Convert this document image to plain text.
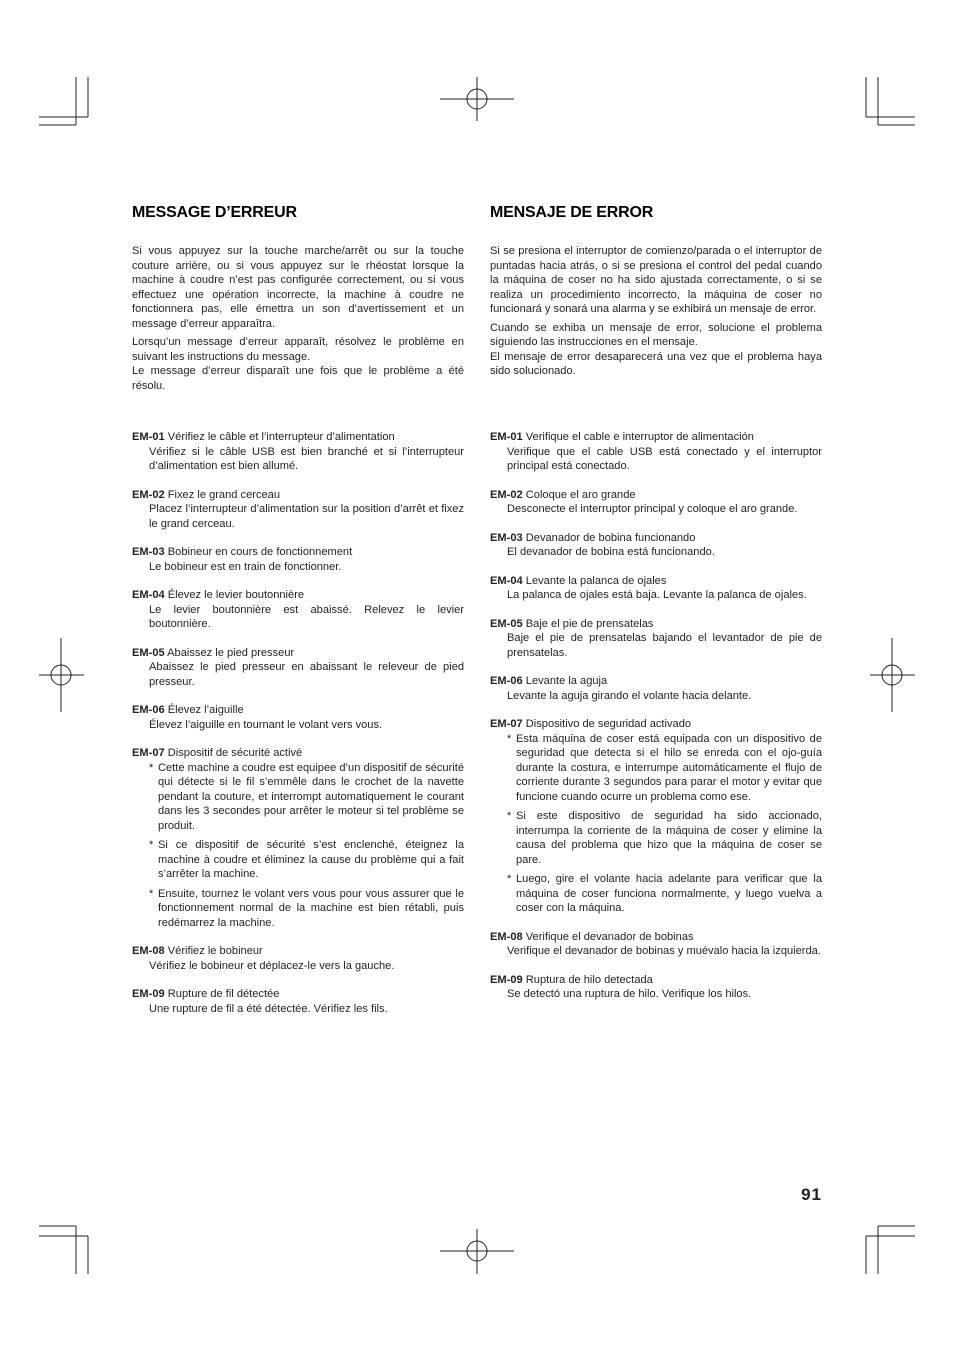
MESSAGE D’ERREUR

Si vous appuyez sur la touche marche/arrêt ou sur la touche couture arrière, ou si vous appuyez sur le rhéostat lorsque la machine à coudre n’est pas configurée correctement, ou si vous effectuez une opération incorrecte, la machine à coudre ne fonctionnera pas, elle émettra un son d’avertissement et un message d’erreur apparaîtra.

Lorsqu’un message d’erreur apparaît, résolvez le problème en suivant les instructions du message.
Le message d’erreur disparaît une fois que le problème a été résolu.

EM-01 Vérifiez le câble et l’interrupteur d’alimentation

Vérifiez si le câble USB est bien branché et si l’interrupteur d’alimentation est bien allumé.

EM-02 Fixez le grand cerceau

Placez l’interrupteur d’alimentation sur la position d’arrêt et fixez le grand cerceau.

EM-03 Bobineur en cours de fonctionnement

Le bobineur est en train de fonctionner.

EM-04 Élevez le levier boutonnière

Le levier boutonnière est abaissé. Relevez le levier boutonnière.

EM-05 Abaissez le pied presseur

Abaissez le pied presseur en abaissant le releveur de pied presseur.

EM-06 Élevez l’aiguille

Élevez l’aiguille en tournant le volant vers vous.

EM-07 Dispositif de sécurité activé

* Cette machine a coudre est equipee d’un dispositif de sécurité qui détecte si le fil s’emmêle dans le crochet de la navette pendant la couture, et interrompt automatiquement le courant dans les 3 secondes pour arrêter le moteur si tel problème se produit.
* Si ce dispositif de sécurité s’est enclenché, éteignez la machine à coudre et éliminez la cause du problème qui a fait s’arrêter la machine.
* Ensuite, tournez le volant vers vous pour vous assurer que le fonctionnement normal de la machine est bien rétabli, puis redémarrez la machine.

EM-08 Vérifiez le bobineur

Vérifiez le bobineur et déplacez-le vers la gauche.

EM-09 Rupture de fil détectée

Une rupture de fil a été détectée. Vérifiez les fils.

MENSAJE DE ERROR

Si se presiona el interruptor de comienzo/parada o el interruptor de puntadas hacia atrás, o si se presiona el control del pedal cuando la máquina de coser no ha sido ajustada correctamente, o si se realiza un procedimiento incorrecto, la máquina de coser no funcionará y sonará una alarma y se exhibirá un mensaje de error.

Cuando se exhiba un mensaje de error, solucione el problema siguiendo las instrucciones en el mensaje.
El mensaje de error desaparecerá una vez que el problema haya sido solucionado.

EM-01 Verifique el cable e interruptor de alimentación

Verifique que el cable USB está conectado y el interruptor principal está conectado.

EM-02 Coloque el aro grande

Desconecte el interruptor principal y coloque el aro grande.

EM-03 Devanador de bobina funcionando

El devanador de bobina está funcionando.

EM-04 Levante la palanca de ojales

La palanca de ojales está baja. Levante la palanca de ojales.

EM-05 Baje el pie de prensatelas

Baje el pie de prensatelas bajando el levantador de pie de prensatelas.

EM-06 Levante la aguja

Levante la aguja girando el volante hacia delante.

EM-07 Dispositivo de seguridad activado

* Esta máquina de coser está equipada con un dispositivo de seguridad que detecta si el hilo se enreda con el ojo-guía durante la costura, e interrumpe automáticamente el flujo de corriente durante 3 segundos para parar el motor y evitar que funcione cuando ocurre un problema como ese.
* Si este dispositivo de seguridad ha sido accionado, interrumpa la corriente de la máquina de coser y elimine la causa del problema que hizo que la máquina de coser se pare.
* Luego, gire el volante hacia adelante para verificar que la máquina de coser funciona normalmente, y luego vuelva a coser con la máquina.

EM-08 Verifique el devanador de bobinas

Verifique el devanador de bobinas y muévalo hacia la izquierda.

EM-09 Ruptura de hilo detectada

Se detectó una ruptura de hilo. Verifique los hilos.

91
